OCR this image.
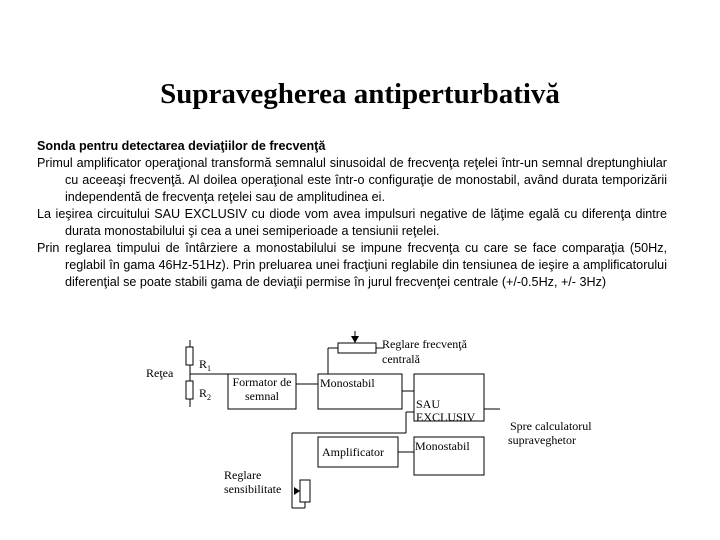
Supravegherea antiperturbativă
Sonda pentru detectarea deviaţiilor de frecvenţă

Primul amplificator operaţional transformă semnalul sinusoidal de frecvenţa reţelei într-un semnal dreptunghiular cu aceeaşi frecvenţă. Al doilea operaţional este într-o configuraţie de monostabil, având durata temporizării independentă de frecvenţa reţelei sau de amplitudinea ei.

La ieşirea circuitului SAU EXCLUSIV cu diode vom avea impulsuri negative de lăţime egală cu diferenţa dintre durata monostabilului şi cea a unei semiperioade a tensiunii reţelei.

Prin reglarea timpului de întârziere a monostabilului se impune frecvenţa cu care se face comparaţia (50Hz, reglabil în gama 46Hz-51Hz). Prin preluarea unei fracţiuni reglabile din tensiunea de ieşire a amplificatorului diferenţial se poate stabili gama de deviaţii permise în jurul frecvenţei centrale (+/-0.5Hz, +/- 3Hz)

Reţea
$R_1$
$R_2$
Formator de
semnal
Monostabil
Reglare frecvenţă
centrală
SAU
EXCLUSIV
Amplificator	Monostabil
Reglare
sensibilitate
Spre calculatorul
supraveghetor
